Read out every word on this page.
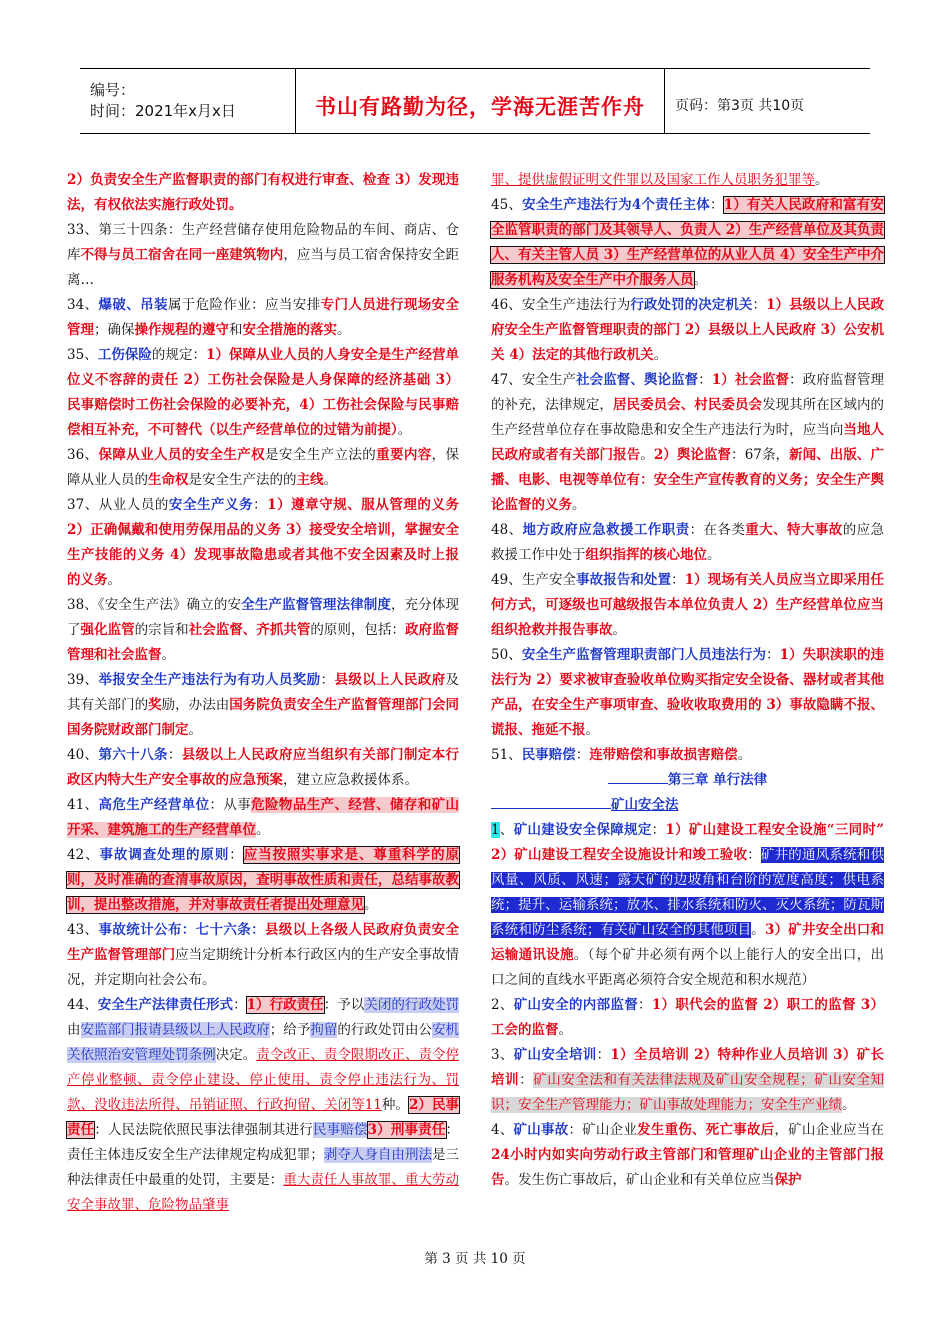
编号：
时间：2021年x月x日	书山有路勤为径，学海无涯苦作舟	页码：第3页 共10页

2）负责安全生产监督职责的部门有权进行审查、检查 3）发现违法，有权依法实施行政处罚。

33、第三十四条：生产经营储存使用危险物品的车间、商店、仓库不得与员工宿舍在同一座建筑物内，应当与员工宿舍保持安全距离…

34、爆破、吊装属于危险作业：应当安排专门人员进行现场安全管理；确保操作规程的遵守和安全措施的落实。

35、工伤保险的规定：1）保障从业人员的人身安全是生产经营单位义不容辞的责任 2）工伤社会保险是人身保障的经济基础 3）民事赔偿时工伤社会保险的必要补充，4）工伤社会保险与民事赔偿相互补充，不可替代（以生产经营单位的过错为前提）。

36、保障从业人员的安全生产权是安全生产立法的重要内容，保障从业人员的生命权是安全生产法的的主线。

37、从业人员的安全生产义务：1）遵章守规、服从管理的义务 2）正确佩戴和使用劳保用品的义务 3）接受安全培训，掌握安全生产技能的义务 4）发现事故隐患或者其他不安全因素及时上报的义务。

38、《安全生产法》确立的安全生产监督管理法律制度，充分体现了强化监管的宗旨和社会监督、齐抓共管的原则，包括：政府监督管理和社会监督。

39、举报安全生产违法行为有功人员奖励：县级以上人民政府及其有关部门的奖励，办法由国务院负责安全生产监督管理部门会同国务院财政部门制定。

40、第六十八条：县级以上人民政府应当组织有关部门制定本行政区内特大生产安全事故的应急预案，建立应急救援体系。

41、高危生产经营单位：从事危险物品生产、经营、储存和矿山开采、建筑施工的生产经营单位。

42、事故调查处理的原则：应当按照实事求是、尊重科学的原则，及时准确的查清事故原因，查明事故性质和责任，总结事故教训，提出整改措施，并对事故责任者提出处理意见。

43、事故统计公布：七十六条：县级以上各级人民政府负责安全生产监督管理部门应当定期统计分析本行政区内的生产安全事故情况，并定期向社会公布。

44、安全生产法律责任形式：1）行政责任：予以关闭的行政处罚由安监部门报请县级以上人民政府；给予拘留的行政处罚由公安机关依照治安管理处罚条例决定。责令改正、责令限期改正、责令停产停业整顿、责令停止建设、停止使用、责令停止违法行为、罚款、没收违法所得、吊销证照、行政拘留、关闭等11种。2）民事责任：人民法院依照民事法律强制其进行民事赔偿3）刑事责任：责任主体违反安全生产法律规定构成犯罪；剥夺人身自由刑法是三种法律责任中最重的处罚，主要是：重大责任人事故罪、重大劳动安全事故罪、危险物品肇事

罪、提供虚假证明文件罪以及国家工作人员职务犯罪等。

45、安全生产违法行为4个责任主体：1）有关人民政府和富有安全监管职责的部门及其领导人、负责人 2）生产经营单位及其负责人、有关主管人员 3）生产经营单位的从业人员 4）安全生产中介服务机构及安全生产中介服务人员。

46、安全生产违法行为行政处罚的决定机关：1）县级以上人民政府安全生产监督管理职责的部门 2）县级以上人民政府 3）公安机关 4）法定的其他行政机关。

47、安全生产社会监督、舆论监督：1）社会监督：政府监督管理的补充，法律规定，居民委员会、村民委员会发现其所在区域内的生产经营单位存在事故隐患和安全生产违法行为时，应当向当地人民政府或者有关部门报告。2）舆论监督：67条，新闻、出版、广播、电影、电视等单位有：安全生产宣传教育的义务；安全生产舆论监督的义务。

48、地方政府应急救援工作职责：在各类重大、特大事故的应急救援工作中处于组织指挥的核心地位。

49、生产安全事故报告和处置：1）现场有关人员应当立即采用任何方式，可逐级也可越级报告本单位负责人 2）生产经营单位应当组织抢救并报告事故。

50、安全生产监督管理职责部门人员违法行为：1）失职渎职的违法行为 2）要求被审查验收单位购买指定安全设备、器材或者其他产品，在安全生产事项审查、验收收取费用的 3）事故隐瞒不报、谎报、拖延不报。

51、民事赔偿：连带赔偿和事故损害赔偿。

第三章 单行法律

矿山安全法

1、矿山建设安全保障规定：1）矿山建设工程安全设施“三同时” 2）矿山建设工程安全设施设计和竣工验收：矿井的通风系统和供风量、风质、风速；露天矿的边坡角和台阶的宽度高度；供电系统；提升、运输系统；放水、排水系统和防火、灭火系统；防瓦斯系统和防尘系统；有关矿山安全的其他项目。3）矿井安全出口和运输通讯设施。（每个矿井必须有两个以上能行人的安全出口，出口之间的直线水平距离必须符合安全规范和积水规范）

2、矿山安全的内部监督：1）职代会的监督 2）职工的监督 3）工会的监督。

3、矿山安全培训：1）全员培训 2）特种作业人员培训 3）矿长培训：矿山安全法和有关法律法规及矿山安全规程；矿山安全知识；安全生产管理能力；矿山事故处理能力；安全生产业绩。

4、矿山事故：矿山企业发生重伤、死亡事故后，矿山企业应当在24小时内如实向劳动行政主管部门和管理矿山企业的主管部门报告。发生伤亡事故后，矿山企业和有关单位应当保护

第 3 页 共 10 页
